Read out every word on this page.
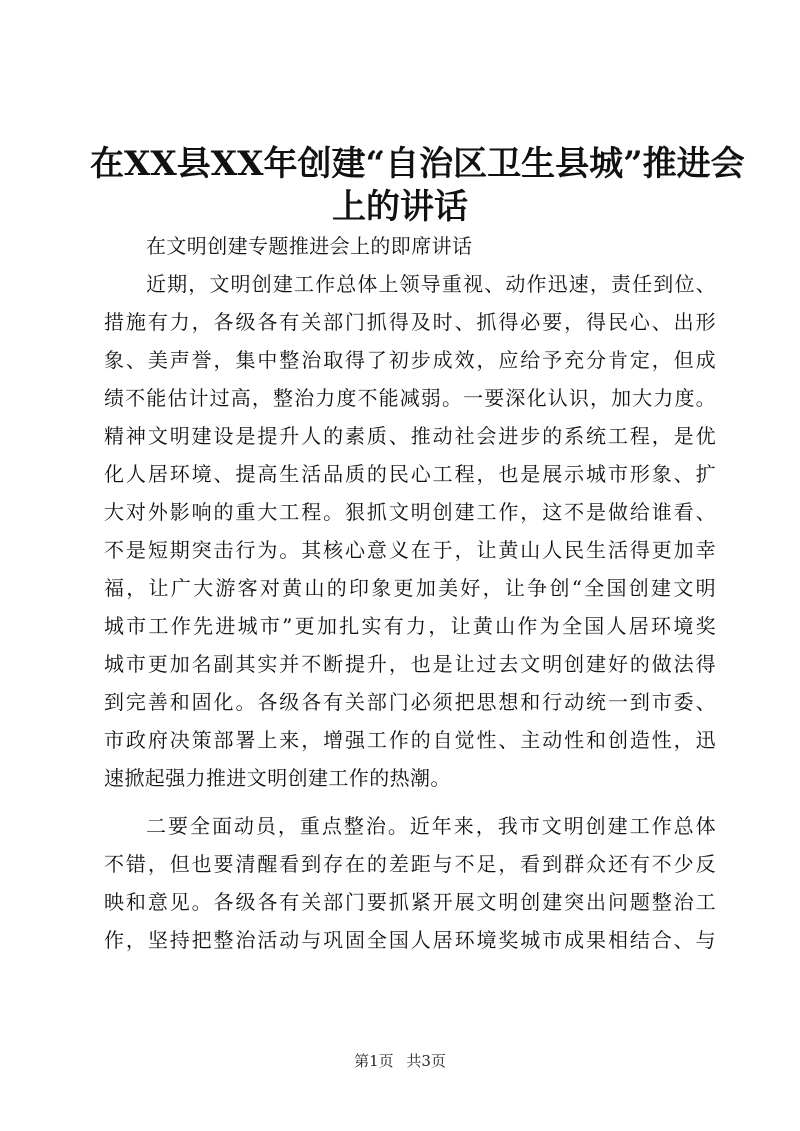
在XX县XX年创建“自治区卫生县城”推进会
上的讲话
在文明创建专题推进会上的即席讲话
近期，文明创建工作总体上领导重视、动作迅速，责任到位、
措施有力，各级各有关部门抓得及时、抓得必要，得民心、出形
象、美声誉，集中整治取得了初步成效，应给予充分肯定，但成
绩不能估计过高，整治力度不能减弱。一要深化认识，加大力度。
精神文明建设是提升人的素质、推动社会进步的系统工程，是优
化人居环境、提高生活品质的民心工程，也是展示城市形象、扩
大对外影响的重大工程。狠抓文明创建工作，这不是做给谁看、
不是短期突击行为。其核心意义在于，让黄山人民生活得更加幸
福，让广大游客对黄山的印象更加美好，让争创“全国创建文明
城市工作先进城市”更加扎实有力，让黄山作为全国人居环境奖
城市更加名副其实并不断提升，也是让过去文明创建好的做法得
到完善和固化。各级各有关部门必须把思想和行动统一到市委、
市政府决策部署上来，增强工作的自觉性、主动性和创造性，迅
速掀起强力推进文明创建工作的热潮。
二要全面动员，重点整治。近年来，我市文明创建工作总体
不错，但也要清醒看到存在的差距与不足，看到群众还有不少反
映和意见。各级各有关部门要抓紧开展文明创建突出问题整治工
作，坚持把整治活动与巩固全国人居环境奖城市成果相结合、与
第1页 共3页
